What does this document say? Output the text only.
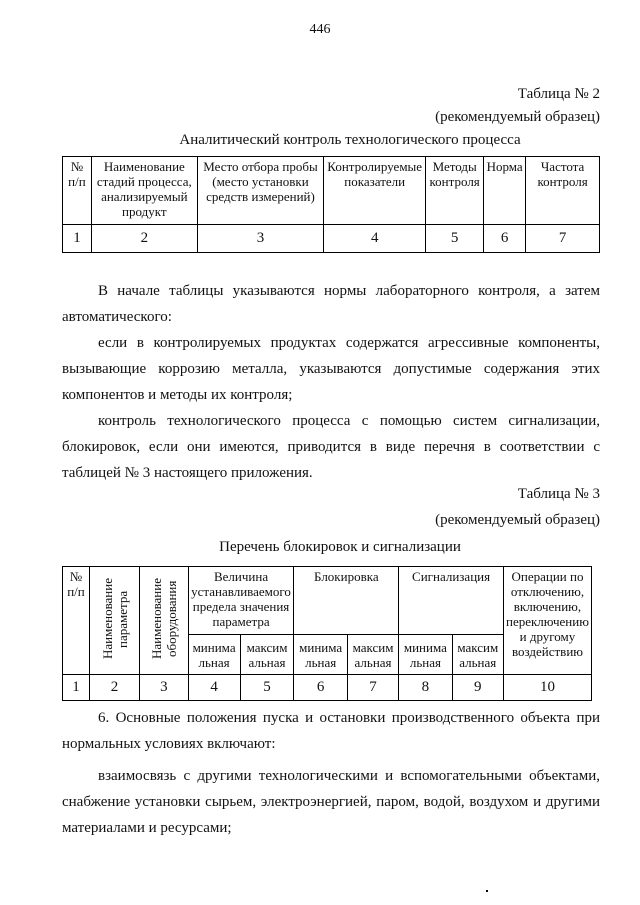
446
Таблица № 2
(рекомендуемый образец)
Аналитический контроль технологического процесса
№ п/п	Наименование стадий процесса, анализируемый продукт	Место отбора пробы (место установки средств измерений)	Контролируемые показатели	Методы контроля	Норма	Частота контроля
1	2	3	4	5	6	7

В начале таблицы указываются нормы лабораторного контроля, а затем автоматического:

если в контролируемых продуктах содержатся агрессивные компоненты, вызывающие коррозию металла, указываются допустимые содержания этих компонентов и методы их контроля;

контроль технологического процесса с помощью систем сигнализации, блокировок, если они имеются, приводится в виде перечня в соответствии с таблицей № 3 настоящего приложения.

Таблица № 3
(рекомендуемый образец)
Перечень блокировок и сигнализации
№ п/п	Наименование параметра	Наименование оборудования	Величина устанавливаемого предела значения параметра		Блокировка		Сигнализация		Операции по отключению, включению, переключению и другому воздействию
			минима льная	максим альная	минима льная	максим альная	минима льная	максим альная	
1	2	3	4	5	6	7	8	9	10

6. Основные положения пуска и остановки производственного объекта при нормальных условиях включают:

взаимосвязь с другими технологическими и вспомогательными объектами, снабжение установки сырьем, электроэнергией, паром, водой, воздухом и другими материалами и ресурсами;
